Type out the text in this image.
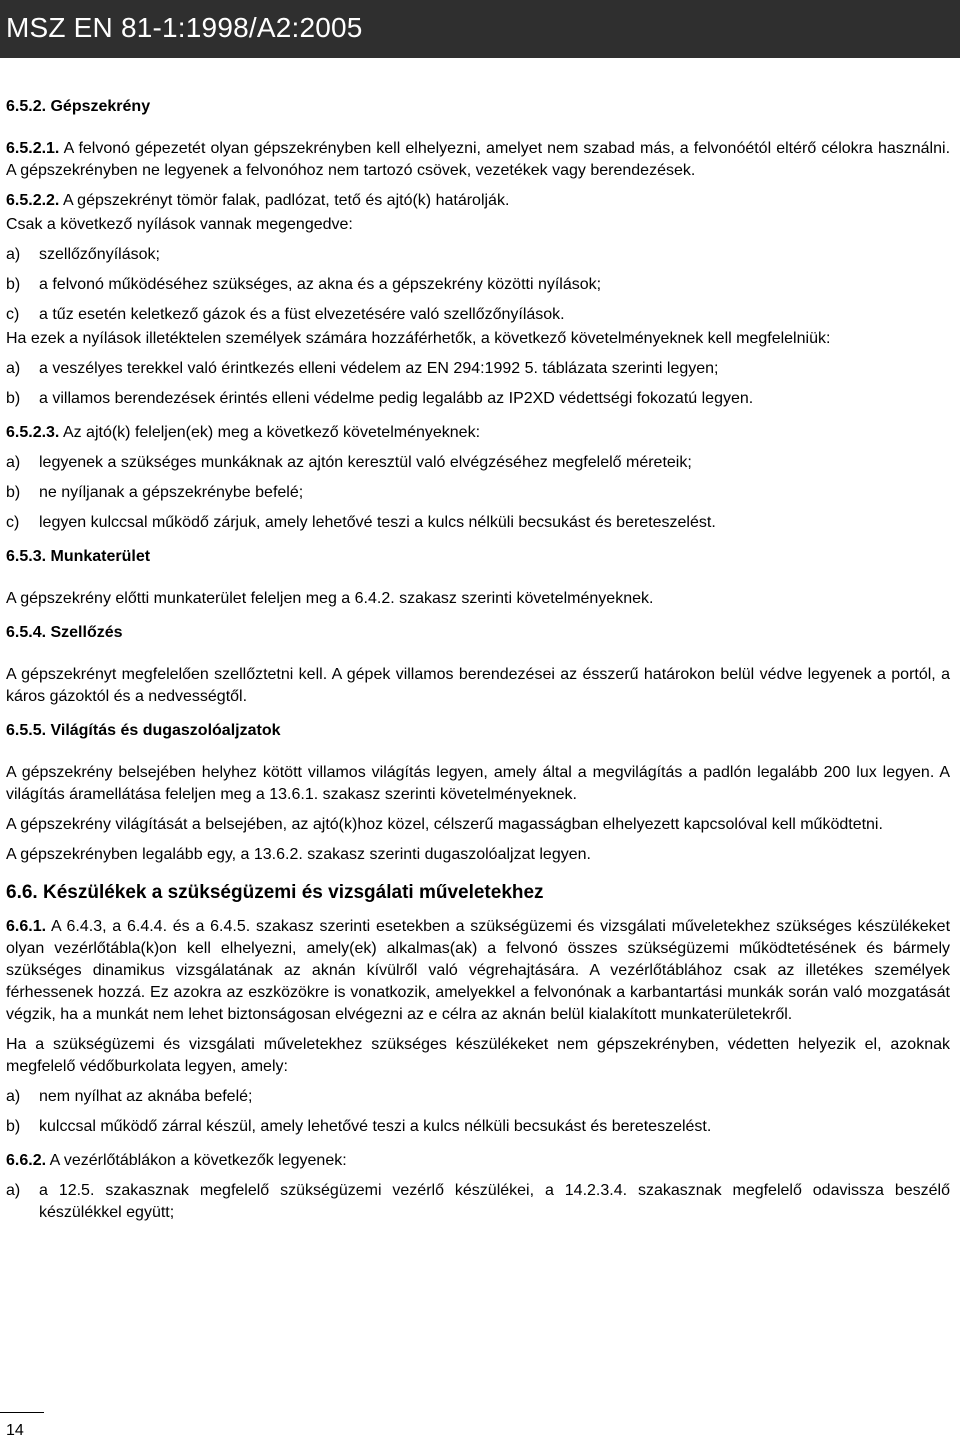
MSZ EN 81-1:1998/A2:2005
6.5.2. Gépszekrény

6.5.2.1. A felvonó gépezetét olyan gépszekrényben kell elhelyezni, amelyet nem szabad más, a felvonóétól eltérő célokra használni. A gépszekrényben ne legyenek a felvonóhoz nem tartozó csövek, vezetékek vagy berendezések.

6.5.2.2. A gépszekrényt tömör falak, padlózat, tető és ajtó(k) határolják.

Csak a következő nyílások vannak megengedve:

a)	szellőzőnyílások;
b)	a felvonó működéséhez szükséges, az akna és a gépszekrény közötti nyílások;
c)	a tűz esetén keletkező gázok és a füst elvezetésére való szellőzőnyílások.

Ha ezek a nyílások illetéktelen személyek számára hozzáférhetők, a következő követelményeknek kell megfelelniük:

a)	a veszélyes terekkel való érintkezés elleni védelem az EN 294:1992 5. táblázata szerinti legyen;
b)	a villamos berendezések érintés elleni védelme pedig legalább az IP2XD védettségi fokozatú legyen.

6.5.2.3. Az ajtó(k) feleljen(ek) meg a következő követelményeknek:

a)	legyenek a szükséges munkáknak az ajtón keresztül való elvégzéséhez megfelelő méreteik;
b)	ne nyíljanak a gépszekrénybe befelé;
c)	legyen kulccsal működő zárjuk, amely lehetővé teszi a kulcs nélküli becsukást és bereteszelést.
6.5.3. Munkaterület

A gépszekrény előtti munkaterület feleljen meg a 6.4.2. szakasz szerinti követelményeknek.

6.5.4. Szellőzés

A gépszekrényt megfelelően szellőztetni kell. A gépek villamos berendezései az ésszerű határokon belül védve legyenek a portól, a káros gázoktól és a nedvességtől.

6.5.5. Világítás és dugaszolóaljzatok

A gépszekrény belsejében helyhez kötött villamos világítás legyen, amely által a megvilágítás a padlón legalább 200 lux legyen. A világítás áramellátása feleljen meg a 13.6.1. szakasz szerinti követelményeknek.

A gépszekrény világítását a belsejében, az ajtó(k)hoz közel, célszerű magasságban elhelyezett kapcsolóval kell működtetni.

A gépszekrényben legalább egy, a 13.6.2. szakasz szerinti dugaszolóaljzat legyen.

6.6. Készülékek a szükségüzemi és vizsgálati műveletekhez

6.6.1. A 6.4.3, a 6.4.4. és a 6.4.5. szakasz szerinti esetekben a szükségüzemi és vizsgálati műveletekhez szükséges készülékeket olyan vezérlőtábla(k)on kell elhelyezni, amely(ek) alkalmas(ak) a felvonó összes szükségüzemi működtetésének és bármely szükséges dinamikus vizsgálatának az aknán kívülről való végrehajtására. A vezérlőtáblához csak az illetékes személyek férhessenek hozzá. Ez azokra az eszközökre is vonatkozik, amelyekkel a felvonónak a karbantartási munkák során való mozgatását végzik, ha a munkát nem lehet biztonságosan elvégezni az e célra az aknán belül kialakított munkaterületekről.

Ha a szükségüzemi és vizsgálati műveletekhez szükséges készülékeket nem gépszekrényben, védetten helyezik el, azoknak megfelelő védőburkolata legyen, amely:

a)	nem nyílhat az aknába befelé;
b)	kulccsal működő zárral készül, amely lehetővé teszi a kulcs nélküli becsukást és bereteszelést.

6.6.2. A vezérlőtáblákon a következők legyenek:

a)	a 12.5. szakasznak megfelelő szükségüzemi vezérlő készülékei, a 14.2.3.4. szakasznak megfelelő odavissza beszélő készülékkel együtt;
14
